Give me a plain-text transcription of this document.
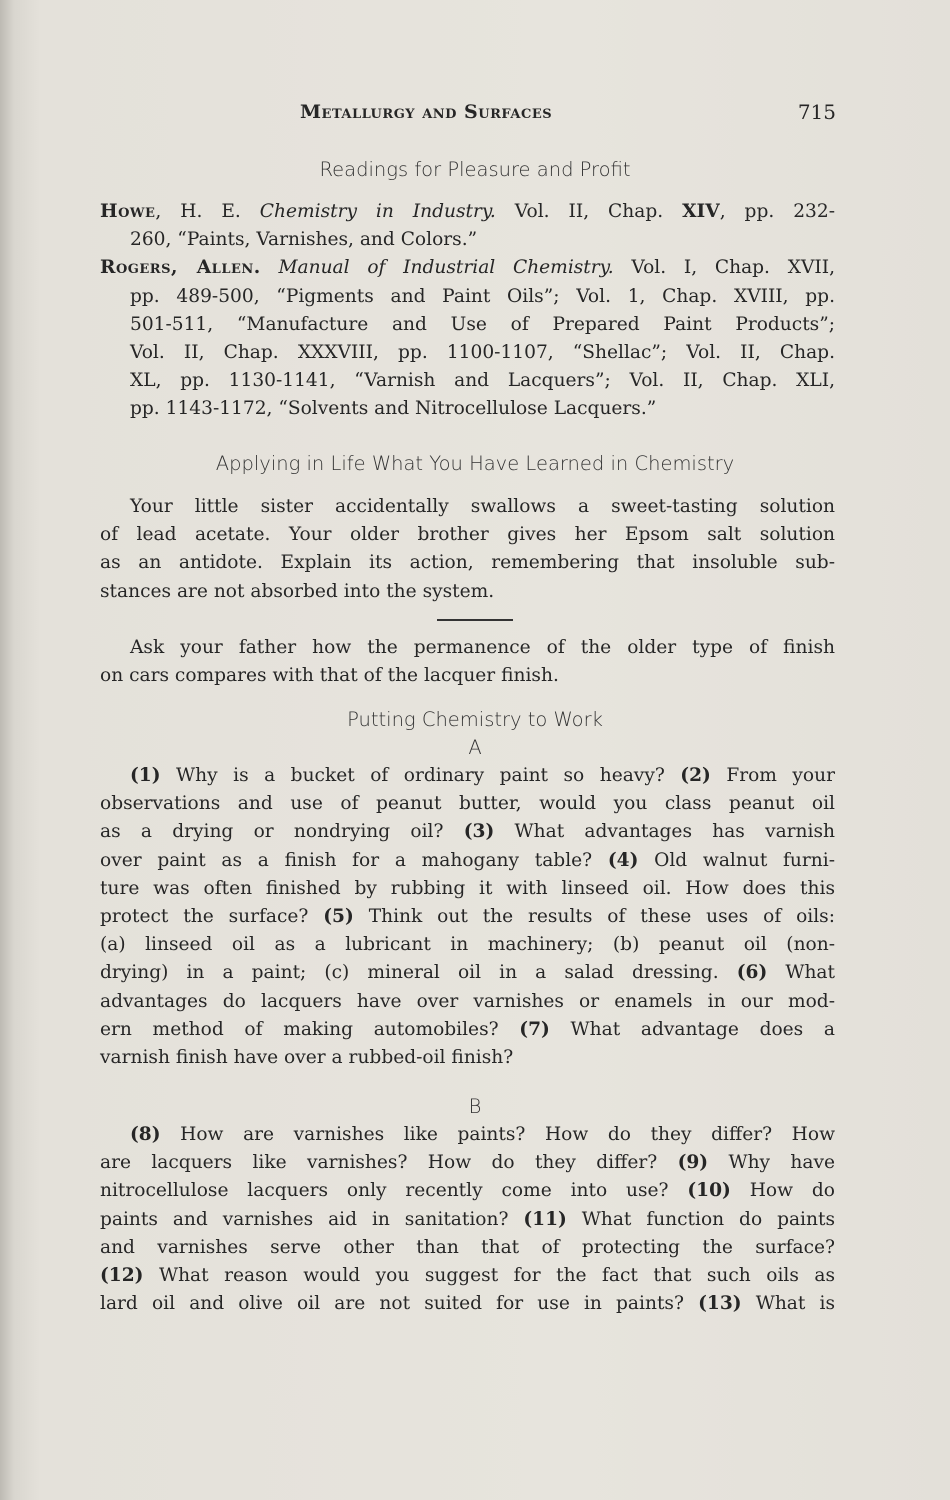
Metallurgy and Surfaces	715
Readings for Pleasure and Profit
Howe, H. E. Chemistry in Industry. Vol. II, Chap. XIV, pp. 232-
260, “Paints, Varnishes, and Colors.”
Rogers, Allen. Manual of Industrial Chemistry. Vol. I, Chap. XVII,
pp. 489-500, “Pigments and Paint Oils”; Vol. 1, Chap. XVIII, pp.
501-511, “Manufacture and Use of Prepared Paint Products”;
Vol. II, Chap. XXXVIII, pp. 1100-1107, “Shellac”; Vol. II, Chap.
XL, pp. 1130-1141, “Varnish and Lacquers”; Vol. II, Chap. XLI,
pp. 1143-1172, “Solvents and Nitrocellulose Lacquers.”
Applying in Life What You Have Learned in Chemistry
Your little sister accidentally swallows a sweet-tasting solution
of lead acetate. Your older brother gives her Epsom salt solution
as an antidote. Explain its action, remembering that insoluble sub-
stances are not absorbed into the system.
Ask your father how the permanence of the older type of finish
on cars compares with that of the lacquer finish.
Putting Chemistry to Work
A
(1) Why is a bucket of ordinary paint so heavy? (2) From your
observations and use of peanut butter, would you class peanut oil
as a drying or nondrying oil? (3) What advantages has varnish
over paint as a finish for a mahogany table? (4) Old walnut furni-
ture was often finished by rubbing it with linseed oil. How does this
protect the surface? (5) Think out the results of these uses of oils:
(a) linseed oil as a lubricant in machinery; (b) peanut oil (non-
drying) in a paint; (c) mineral oil in a salad dressing. (6) What
advantages do lacquers have over varnishes or enamels in our mod-
ern method of making automobiles? (7) What advantage does a
varnish finish have over a rubbed-oil finish?
B
(8) How are varnishes like paints? How do they differ? How
are lacquers like varnishes? How do they differ? (9) Why have
nitrocellulose lacquers only recently come into use? (10) How do
paints and varnishes aid in sanitation? (11) What function do paints
and varnishes serve other than that of protecting the surface?
(12) What reason would you suggest for the fact that such oils as
lard oil and olive oil are not suited for use in paints? (13) What is
